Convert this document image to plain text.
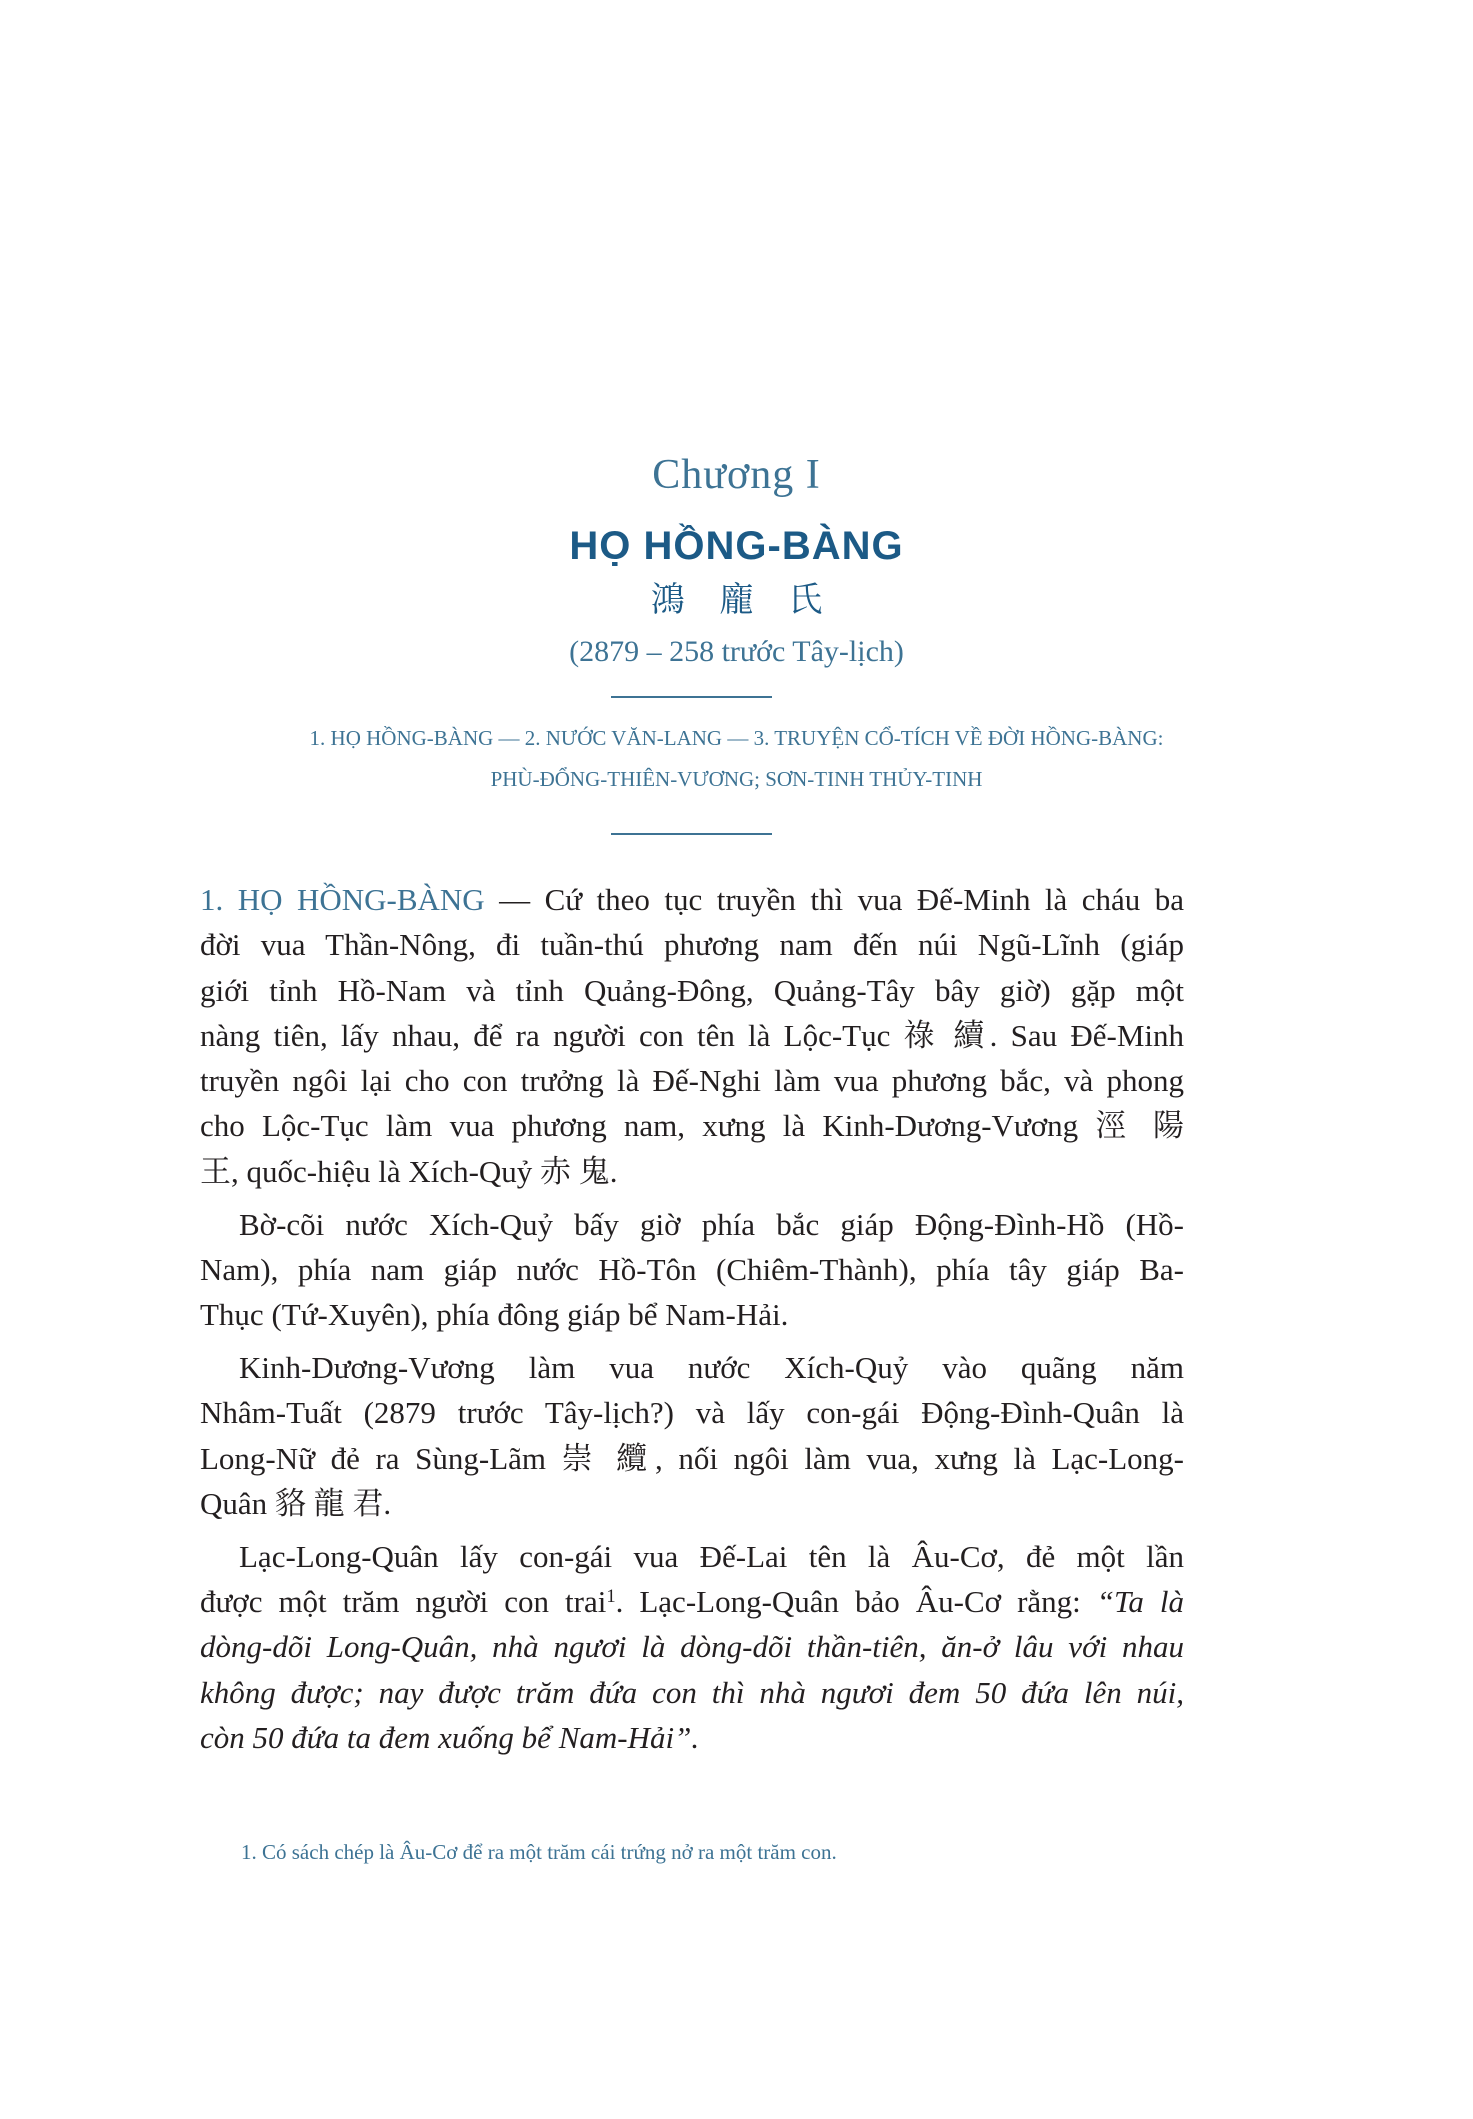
Chương I
HỌ HỒNG-BÀNG
鴻 龐 氏
(2879 – 258 trước Tây-lịch)
1. HỌ HỒNG-BÀNG — 2. NƯỚC VĂN-LANG — 3. TRUYỆN CỔ-TÍCH VỀ ĐỜI HỒNG-BÀNG:
PHÙ-ĐỔNG-THIÊN-VƯƠNG; SƠN-TINH THỦY-TINH
1. HỌ HỒNG-BÀNG — Cứ theo tục truyền thì vua Đế-Minh là cháu ba
đời vua Thần-Nông, đi tuần-thú phương nam đến núi Ngũ-Lĩnh (giáp
giới tỉnh Hồ-Nam và tỉnh Quảng-Đông, Quảng-Tây bây giờ) gặp một
nàng tiên, lấy nhau, để ra người con tên là Lộc-Tục 祿 續. Sau Đế-Minh
truyền ngôi lại cho con trưởng là Đế-Nghi làm vua phương bắc, và phong
cho Lộc-Tục làm vua phương nam, xưng là Kinh-Dương-Vương 涇 陽
王, quốc-hiệu là Xích-Quỷ 赤 鬼.
Bờ-cõi nước Xích-Quỷ bấy giờ phía bắc giáp Động-Đình-Hồ (Hồ-
Nam), phía nam giáp nước Hồ-Tôn (Chiêm-Thành), phía tây giáp Ba-
Thục (Tứ-Xuyên), phía đông giáp bể Nam-Hải.
Kinh-Dương-Vương làm vua nước Xích-Quỷ vào quãng năm
Nhâm-Tuất (2879 trước Tây-lịch?) và lấy con-gái Động-Đình-Quân là
Long-Nữ đẻ ra Sùng-Lãm 崇 纜, nối ngôi làm vua, xưng là Lạc-Long-
Quân 貉 龍 君.
Lạc-Long-Quân lấy con-gái vua Đế-Lai tên là Âu-Cơ, đẻ một lần
được một trăm người con trai$^1$. Lạc-Long-Quân bảo Âu-Cơ rằng: “Ta là
dòng-dõi Long-Quân, nhà ngươi là dòng-dõi thần-tiên, ăn-ở lâu với nhau
không được; nay được trăm đứa con thì nhà ngươi đem 50 đứa lên núi,
còn 50 đứa ta đem xuống bể Nam-Hải”.
1. Có sách chép là Âu-Cơ để ra một trăm cái trứng nở ra một trăm con.
